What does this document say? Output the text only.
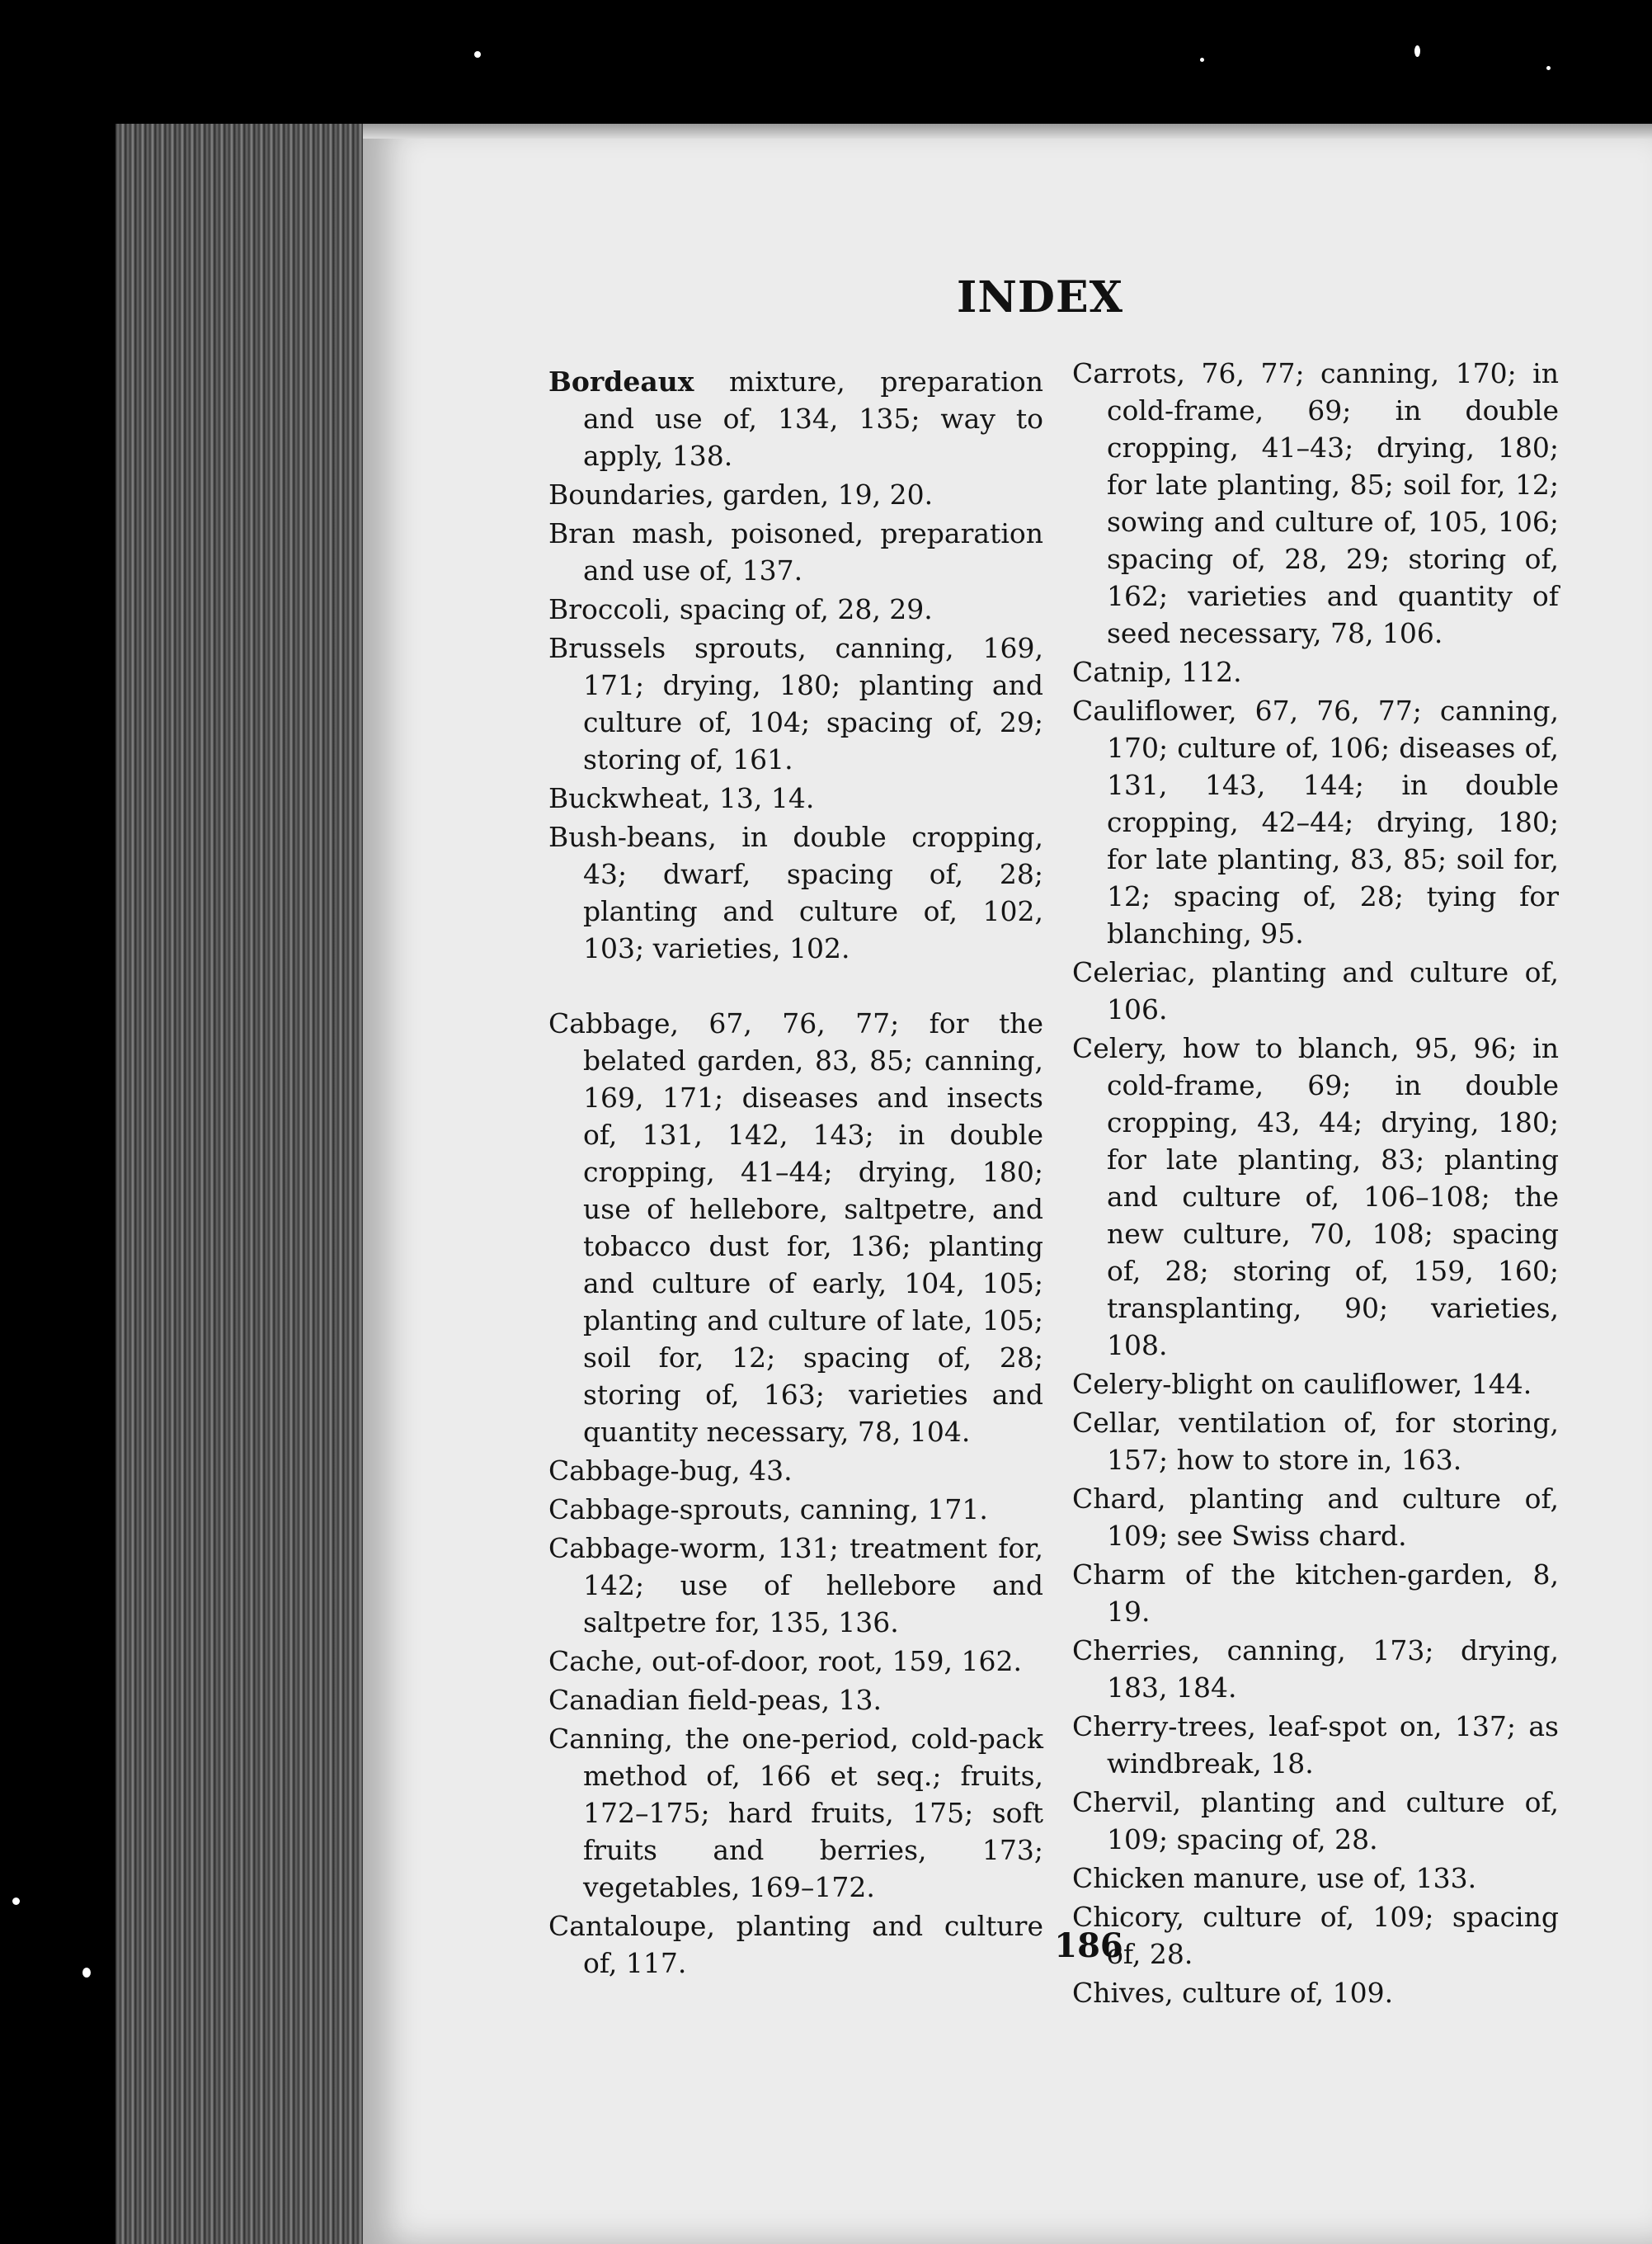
INDEX

Bordeaux mixture, preparation and use of, 134, 135; way to apply, 138.

Boundaries, garden, 19, 20.

Bran mash, poisoned, preparation and use of, 137.

Broccoli, spacing of, 28, 29.

Brussels sprouts, canning, 169, 171; drying, 180; planting and culture of, 104; spacing of, 29; storing of, 161.

Buckwheat, 13, 14.

Bush-beans, in double cropping, 43; dwarf, spacing of, 28; planting and culture of, 102, 103; varieties, 102.

Cabbage, 67, 76, 77; for the belated garden, 83, 85; canning, 169, 171; diseases and insects of, 131, 142, 143; in double cropping, 41–44; drying, 180; use of hellebore, saltpetre, and tobacco dust for, 136; planting and culture of early, 104, 105; planting and culture of late, 105; soil for, 12; spacing of, 28; storing of, 163; varieties and quantity necessary, 78, 104.

Cabbage-bug, 43.

Cabbage-sprouts, canning, 171.

Cabbage-worm, 131; treatment for, 142; use of hellebore and saltpetre for, 135, 136.

Cache, out-of-door, root, 159, 162.

Canadian field-peas, 13.

Canning, the one-period, cold-pack method of, 166 et seq.; fruits, 172–175; hard fruits, 175; soft fruits and berries, 173; vegetables, 169–172.

Cantaloupe, planting and culture of, 117.

Carrots, 76, 77; canning, 170; in cold-frame, 69; in double cropping, 41–43; drying, 180; for late planting, 85; soil for, 12; sowing and culture of, 105, 106; spacing of, 28, 29; storing of, 162; varieties and quantity of seed necessary, 78, 106.

Catnip, 112.

Cauliflower, 67, 76, 77; canning, 170; culture of, 106; diseases of, 131, 143, 144; in double cropping, 42–44; drying, 180; for late planting, 83, 85; soil for, 12; spacing of, 28; tying for blanching, 95.

Celeriac, planting and culture of, 106.

Celery, how to blanch, 95, 96; in cold-frame, 69; in double cropping, 43, 44; drying, 180; for late planting, 83; planting and culture of, 106–108; the new culture, 70, 108; spacing of, 28; storing of, 159, 160; transplanting, 90; varieties, 108.

Celery-blight on cauliflower, 144.

Cellar, ventilation of, for storing, 157; how to store in, 163.

Chard, planting and culture of, 109; see Swiss chard.

Charm of the kitchen-garden, 8, 19.

Cherries, canning, 173; drying, 183, 184.

Cherry-trees, leaf-spot on, 137; as windbreak, 18.

Chervil, planting and culture of, 109; spacing of, 28.

Chicken manure, use of, 133.

Chicory, culture of, 109; spacing of, 28.

Chives, culture of, 109.

186
